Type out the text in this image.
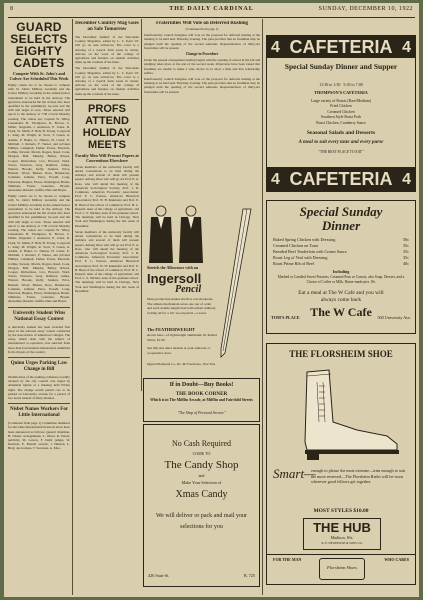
8	THE DAILY CARDINAL	SUNDAY, DECEMBER 10, 1922
GUARD SELECTS EIGHTY CADETS
Compete With St. John's and Culver Are Scheduled This Week
Eighty cadets are to be chosen to compete with St. John's Military Academy and the Culver Military Academy in the annual indoor tournament to be held in the Armory. The guard has announced the list of men who have qualified in the preliminary try-outs and the drill will begin at once. Those selected will report to the Armory at 7:30 o'clock Monday evening. The cadets are: Captain W. Wiley, Lieutenants H. Thompson, R. Brown, C. Miller, Sergeants J. Anderson, E. Jones, D. Clark, W. Smith, F. Hall, B. Young, Corporals L. King, M. Wright, R. Scott, T. Green, A. Adams, P. Baker, G. Nelson, H. Carter, E. Mitchell, J. Roberts, F. Turner, and privates Phillips, Campbell, Parker, Evans, Edwards, Collins, Stewart, Morris, Rogers, Reed, Cook, Morgan, Bell, Murphy, Bailey, Rivera, Cooper, Richardson, Cox, Howard, Ward, Torres, Peterson, Gray, Ramirez, James, Watson, Brooks, Kelly, Sanders, Price, Bennett, Wood, Barnes, Ross, Henderson, Coleman, Jenkins, Perry, Powell, Long, Patterson, Hughes, Flores, Washington, Butler, Simmons, Foster, Gonzales, Bryant, Alexander, Russell, Griffin, Diaz and Hayes.
Eighty cadets are to be chosen to compete with St. John's Military Academy and the Culver Military Academy in the annual indoor tournament to be held in the Armory. The guard has announced the list of men who have qualified in the preliminary try-outs and the drill will begin at once. Those selected will report to the Armory at 7:30 o'clock Monday evening. The cadets are: Captain W. Wiley, Lieutenants H. Thompson, R. Brown, C. Miller, Sergeants J. Anderson, E. Jones, D. Clark, W. Smith, F. Hall, B. Young, Corporals L. King, M. Wright, R. Scott, T. Green, A. Adams, P. Baker, G. Nelson, H. Carter, E. Mitchell, J. Roberts, F. Turner, and privates Phillips, Campbell, Parker, Evans, Edwards, Collins, Stewart, Morris, Rogers, Reed, Cook, Morgan, Bell, Murphy, Bailey, Rivera, Cooper, Richardson, Cox, Howard, Ward, Torres, Peterson, Gray, Ramirez, James, Watson, Brooks, Kelly, Sanders, Price, Bennett, Wood, Barnes, Ross, Henderson, Coleman, Jenkins, Perry, Powell, Long, Patterson, Hughes, Flores, Washington, Butler, Simmons, Foster, Gonzales, Bryant, Alexander, Russell, Griffin, Diaz and Hayes.
University Student Wins National Essay Contest
A university student has been awarded first place in the national essay contest conducted by the Association of American Colleges. The essay, which dealt with the subject of international co-operation, was selected from more than four hundred manuscripts submitted from all parts of the country.
Quinn Urges Parking Law Change in Bill
Modification of the parking ordinance recently adopted by the city council was urged by Alderman Quinn at a meeting held Friday night. The change would permit cars to be parked on University avenue for a period of two hours instead of thirty minutes.
Nisbet Names Workers For Little International
(Continued from page 1) Committee members for the Little International livestock show have been announced as follows: general chairman, H. Nisbet; arrangements, C. Olson, R. Peters; publicity, M. Larson, F. Dahl; judges, W. Knutson, E. Brandt; awards, J. Hanson, L. Berg; decorations, T. Swanson, A. Moe.
December Country Mag Goes on Sale Tomorrow
The December number of the Wisconsin Country Magazine, edited by L. C. Kent '23, will go on sale tomorrow. The cover is a drawing of a typical farm scene in winter. Articles on the work of the college of agriculture and features on student activities make up the contents of the issue.
The December number of the Wisconsin Country Magazine, edited by L. C. Kent '23, will go on sale tomorrow. The cover is a drawing of a typical farm scene in winter. Articles on the work of the college of agriculture and features on student activities make up the contents of the issue.
PROFS ATTEND HOLIDAY MEETS
Faculty Men Will Present Papers at Conventions Elsewhere
Seven members of the university faculty will attend conventions to be held during the holidays and several of them will present papers. Among those who will go are Prof. E. A. Ross, who will attend the meeting of the American Sociological Society; Prof. J. R. Commons, American Economic Association; Prof. F. L. Paxson, American Historical Association; Prof. W. H. Kiekhofer and Prof. E. B. Hunt of the school of commerce; Prof. H. L. Russell, dean of the college of agriculture; and Prof. C. S. Slichter, dean of the graduate school. The meetings will be held in Chicago, New York and Washington during the last week of December.
Seven members of the university faculty will attend conventions to be held during the holidays and several of them will present papers. Among those who will go are Prof. E. A. Ross, who will attend the meeting of the American Sociological Society; Prof. J. R. Commons, American Economic Association; Prof. F. L. Paxson, American Historical Association; Prof. W. H. Kiekhofer and Prof. E. B. Hunt of the school of commerce; Prof. H. L. Russell, dean of the college of agriculture; and Prof. C. S. Slichter, dean of the graduate school. The meetings will be held in Chicago, New York and Washington during the last week of December.
Fraternities Will Vote on Deferred Rushing
(Continued from page 1)
Interfraternity council delegates will vote on the proposal for deferred rushing at the meeting to be held next Thursday evening. The plan provides that no freshman may be pledged until the opening of the second semester. Representatives of thirty-six fraternities will be present.
Change in Procedure
Under the present arrangement rushing begins with the opening of school in the fall and pledging takes place at the end of the second week. Objections have been raised that freshmen are unable to make a wise choice in so short a time and that scholarship suffers.
Interfraternity council delegates will vote on the proposal for deferred rushing at the meeting to be held next Thursday evening. The plan provides that no freshman may be pledged until the opening of the second semester. Representatives of thirty-six fraternities will be present.
Stretch the Allowance with an
Ingersoll
Pencil
Mass production makes the first cost moderate. The simple mechanism saves one out of order and each double-length lead will outlast ordinary writing all for a 10c wood pencil—a saver.
The FEATHERWEIGHT
shown here—of lightweight aluminum, $1 Rolled Silver, $1.00
See this and other models at your stationer or cooperative store.
Ingersoll Redipoint Co., Inc. 461 Fourth Ave., New York
4 CAFETERIA 4
Special Sunday Dinner and Supper
11:30 to 1:30 5:30 to 7:00
THOMPSON'S CAFETERIA
Large variety of Roasts (Rare/Medium)
Fried Chicken
Creamed Chicken
Southern Style Roast Pork
Roast Chicken, Cranberry Sauce
Seasonal Salads and Desserts
A meal to suit every taste and every purse
"THE BEST PLACE TO EAT"
4 CAFETERIA 4
Special Sunday
Dinner
Baked Spring Chicken with Dressing	50c
Creamed Chicken on Toast	35c
Breaded Beef Tenderloin with Cream Sauce	35c
Roast Leg of Veal with Dressing	35c
Roast Prime Rib of Beef	40c
Including
Mashed or Candied Sweet Potatoes, Creamed Peas or Carrots, also Soup, Dessert, and a Choice of Coffee or Milk. Home-made pies 10c
Eat a meal at The W Cafe and you will
always come back
TOM'S PLACE The W Cafe	500 University Ave.
If in Doubt—Buy Books!
THE BOOK CORNER
Which is in The Mifflin Arcade, at Mifflin and Fairchild Streets
"The Shop of Personal Service"
No Cash Required
COME TO
The Candy Shop
and
Make Your Selection of
Xmas Candy
We will deliver or pack and mail your
selections for you
426 State St.	B. 725
THE FLORSHEIM SHOE
Smart—
enough to please the most extreme—trim enough to suit the more reserved—The Florsheim Radio will be worn wherever good fellows get together.
MOST STYLES $10.00
THE HUB
Madison, Wis.
K. E. NEWHOUSE & SONS CO.
FOR THE MAN
Florsheim Shoes
WHO CARES
